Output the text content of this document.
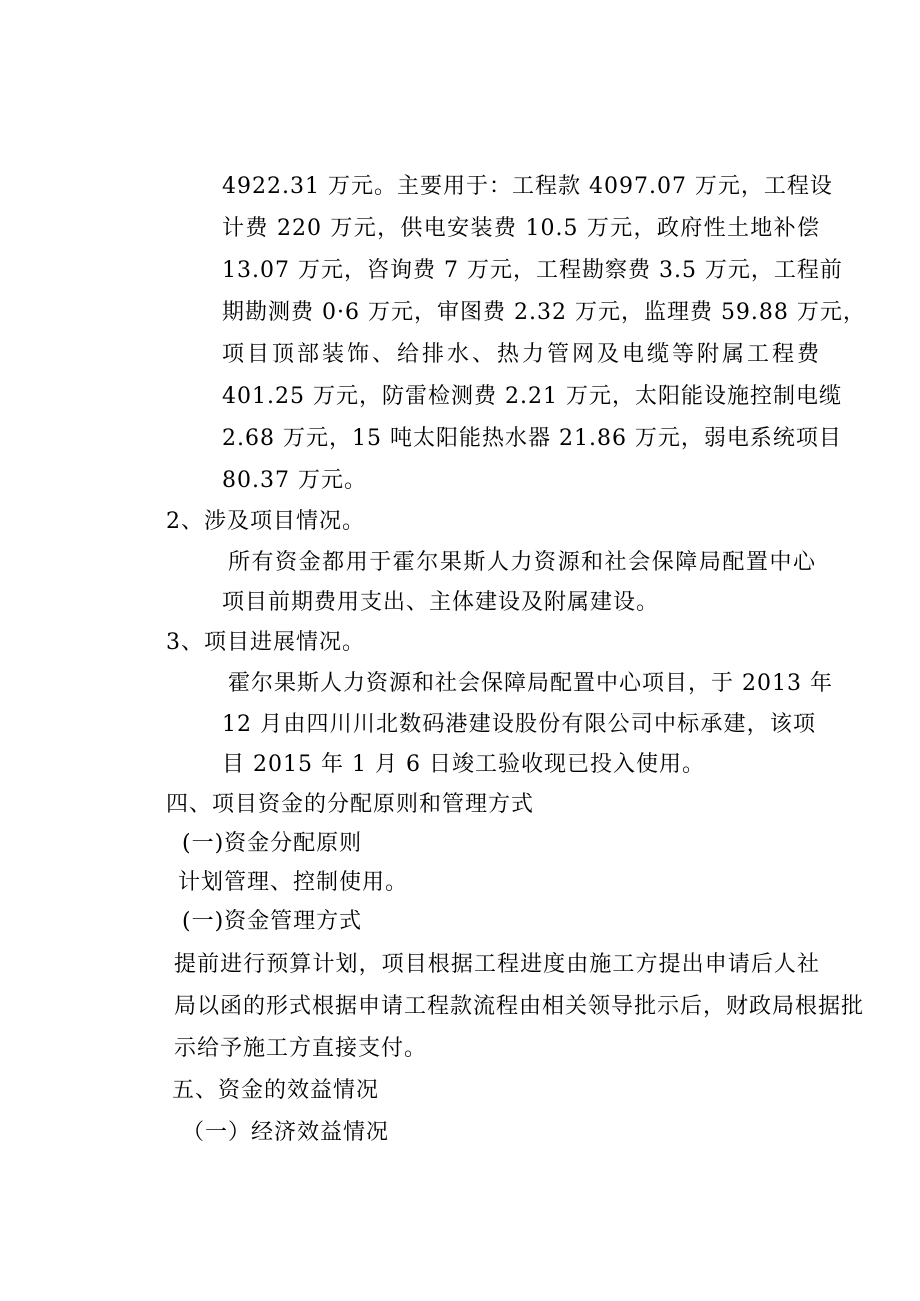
4922.31 万元。主要用于：工程款 4097.07 万元，工程设
计费 220 万元，供电安装费 10.5 万元，政府性土地补偿
13.07 万元，咨询费 7 万元，工程勘察费 3.5 万元，工程前
期勘测费 0·6 万元，审图费 2.32 万元，监理费 59.88 万元，
项目顶部装饰、给排水、热力管网及电缆等附属工程费
401.25 万元，防雷检测费 2.21 万元，太阳能设施控制电缆
2.68 万元，15 吨太阳能热水器 21.86 万元，弱电系统项目
80.37 万元。
2、涉及项目情况。
所有资金都用于霍尔果斯人力资源和社会保障局配置中心
项目前期费用支出、主体建设及附属建设。
3、项目进展情况。
霍尔果斯人力资源和社会保障局配置中心项目，于 2013 年
12 月由四川川北数码港建设股份有限公司中标承建，该项
目 2015 年 1 月 6 日竣工验收现已投入使用。
四、项目资金的分配原则和管理方式
(一)资金分配原则
计划管理、控制使用。
(一)资金管理方式
提前进行预算计划，项目根据工程进度由施工方提出申请后人社
局以函的形式根据申请工程款流程由相关领导批示后，财政局根据批
示给予施工方直接支付。
五、资金的效益情况
（一）经济效益情况
